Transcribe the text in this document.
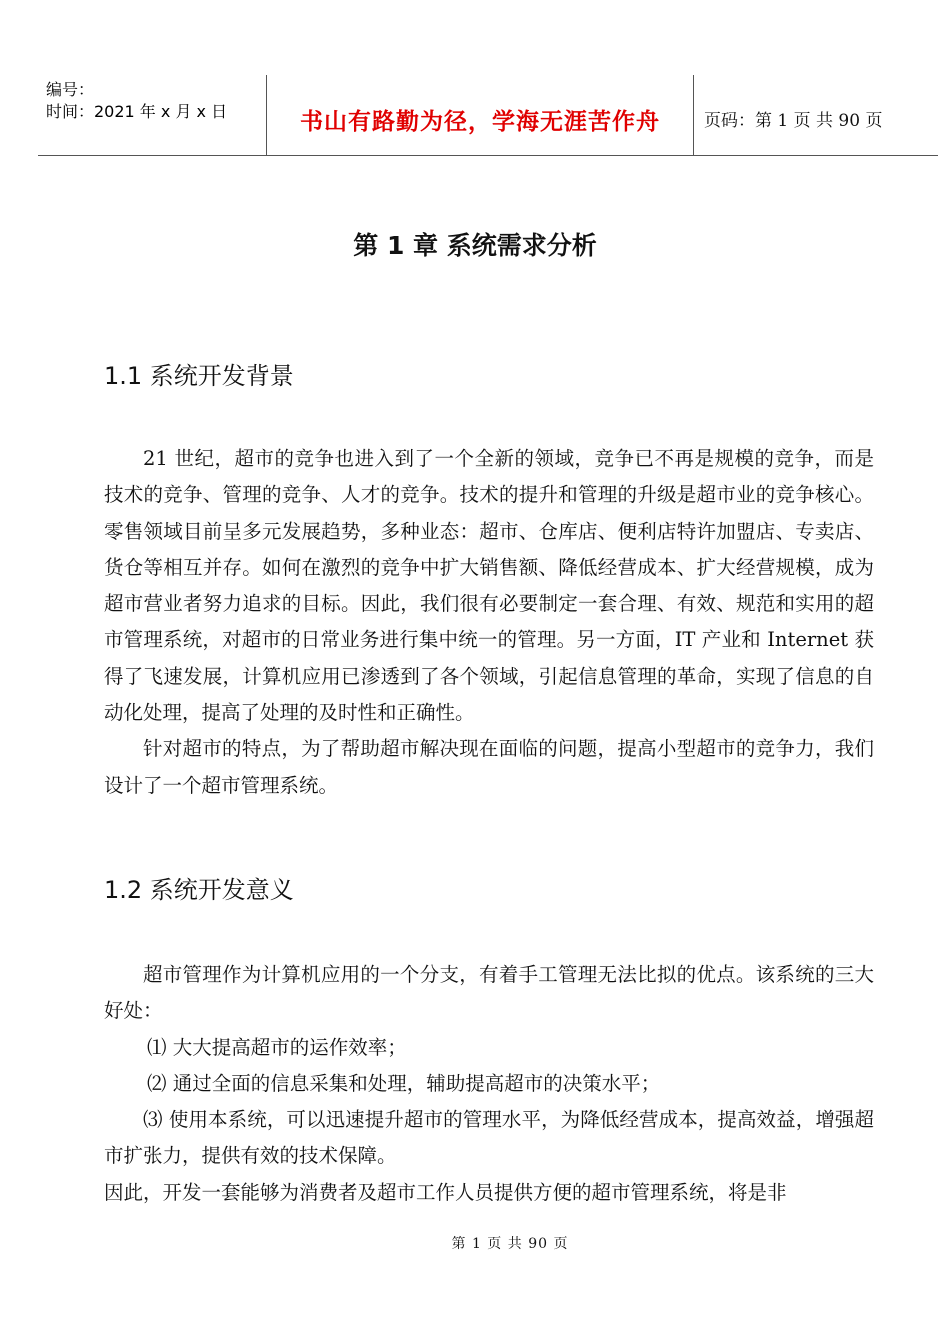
编号：
时间：2021 年 x 月 x 日	书山有路勤为径，学海无涯苦作舟	页码：第 1 页 共 90 页
第 1 章 系统需求分析
1.1 系统开发背景

21 世纪，超市的竞争也进入到了一个全新的领域，竞争已不再是规模的竞争，而是技术的竞争、管理的竞争、人才的竞争。技术的提升和管理的升级是超市业的竞争核心。零售领域目前呈多元发展趋势，多种业态：超市、仓库店、便利店特许加盟店、专卖店、货仓等相互并存。如何在激烈的竞争中扩大销售额、降低经营成本、扩大经营规模，成为超市营业者努力追求的目标。因此，我们很有必要制定一套合理、有效、规范和实用的超市管理系统，对超市的日常业务进行集中统一的管理。另一方面，IT 产业和 Internet 获得了飞速发展，计算机应用已渗透到了各个领域，引起信息管理的革命，实现了信息的自动化处理，提高了处理的及时性和正确性。

针对超市的特点，为了帮助超市解决现在面临的问题，提高小型超市的竞争力，我们设计了一个超市管理系统。

1.2 系统开发意义

超市管理作为计算机应用的一个分支，有着手工管理无法比拟的优点。该系统的三大好处：

⑴ 大大提高超市的运作效率；

⑵ 通过全面的信息采集和处理，辅助提高超市的决策水平；

⑶ 使用本系统，可以迅速提升超市的管理水平，为降低经营成本，提高效益，增强超市扩张力，提供有效的技术保障。

因此，开发一套能够为消费者及超市工作人员提供方便的超市管理系统，将是非

第 1 页 共 90 页
